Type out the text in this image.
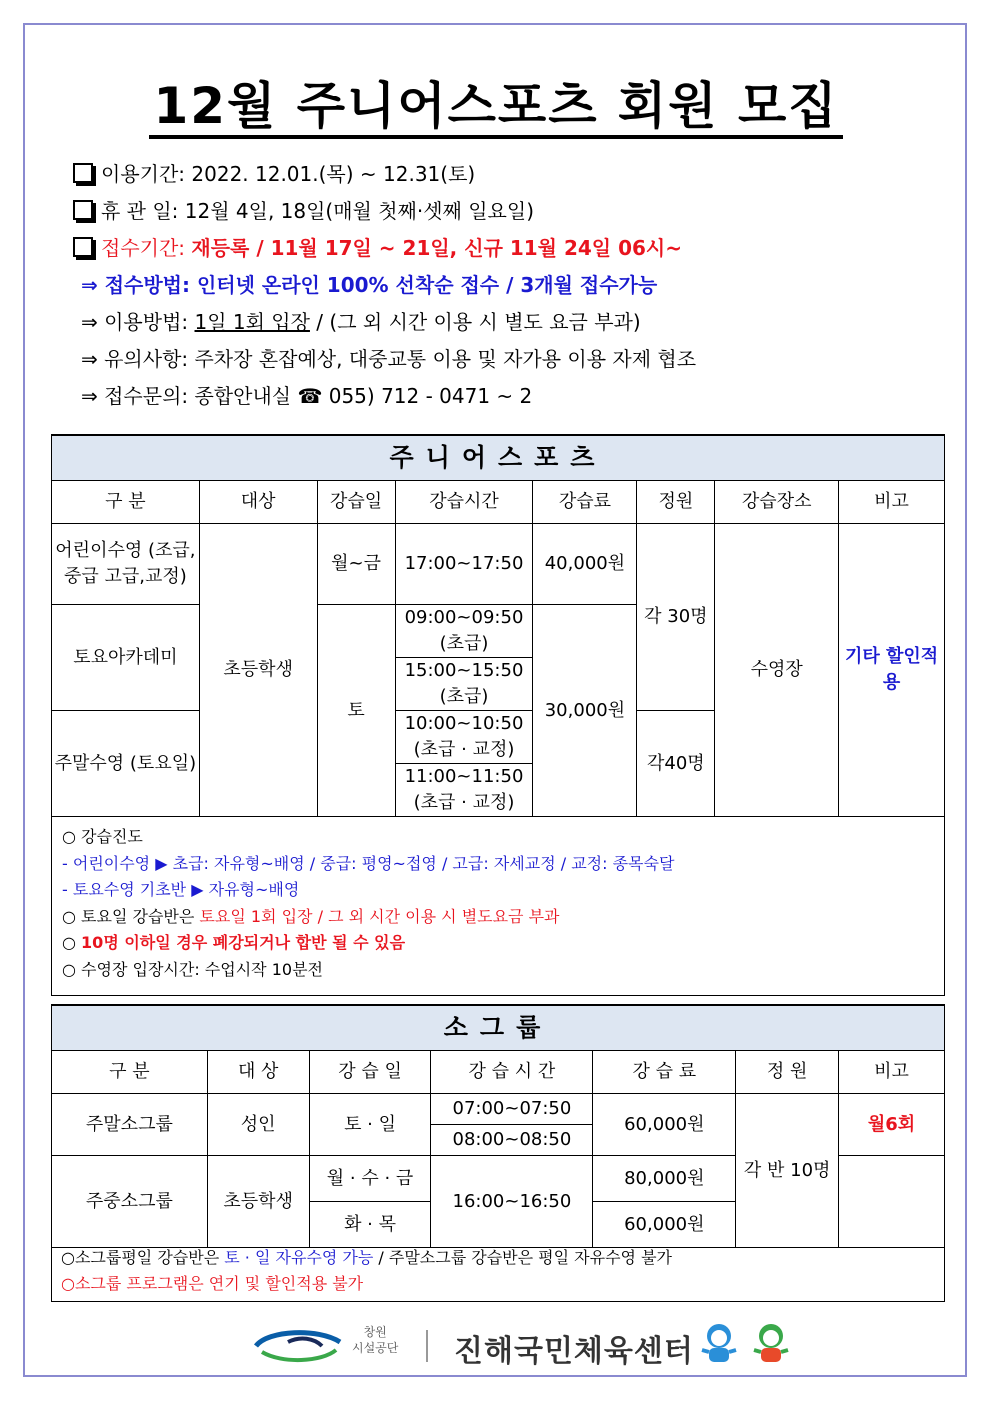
12월 주니어스포츠 회원 모집
이용기간: 2022. 12.01.(목) ~ 12.31(토)
휴 관 일: 12월 4일, 18일(매월 첫째·셋째 일요일)
접수기간: 재등록 / 11월 17일 ~ 21일, 신규 11월 24일 06시~
⇒ 접수방법: 인터넷 온라인 100% 선착순 접수 / 3개월 접수가능
⇒ 이용방법: 1일 1회 입장 / (그 외 시간 이용 시 별도 요금 부과)
⇒ 유의사항: 주차장 혼잡예상, 대중교통 이용 및 자가용 이용 자제 협조
⇒ 접수문의: 종합안내실 ☎ 055) 712 - 0471 ~ 2
주니어스포츠							
구 분	대상	강습일	강습시간	강습료	정원	강습장소	비고
어린이수영 (조급,중급 고급,교정)	초등학생	월~금	17:00~17:50	40,000원	각 30명	수영장	기타 할인적용
토요아카데미		토	09:00~09:50 (초급)	30,000원			
			15:00~15:50 (초급)				
주말수영 (토요일)			10:00~10:50 (초급 · 교정)		각40명		
			11:00~11:50 (초급 · 교정)				
○ 강습진도
- 어린이수영 ▶ 초급: 자유형~배영 / 중급: 평영~접영 / 고급: 자세교정 / 교정: 종목숙달
- 토요수영 기초반 ▶ 자유형~배영
○ 토요일 강습반은 토요일 1회 입장 / 그 외 시간 이용 시 별도요금 부과
○ 10명 이하일 경우 폐강되거나 합반 될 수 있음
○ 수영장 입장시간: 수업시작 10분전
소그룹						
구 분	대 상	강 습 일	강 습 시 간	강 습 료	정 원	비고
주말소그룹	성인	토 · 일	07:00~07:50	60,000원	각 반 10명	월6회
			08:00~08:50			
주중소그룹	초등학생	월 · 수 · 금	16:00~16:50	80,000원		
		화 · 목		60,000원		
○소그룹평일 강습반은 토 · 일 자유수영 가능 / 주말소그룹 강습반은 평일 자유수영 불가
○소그룹 프로그램은 연기 및 할인적용 불가
창원
시설공단 진해국민체육센터
